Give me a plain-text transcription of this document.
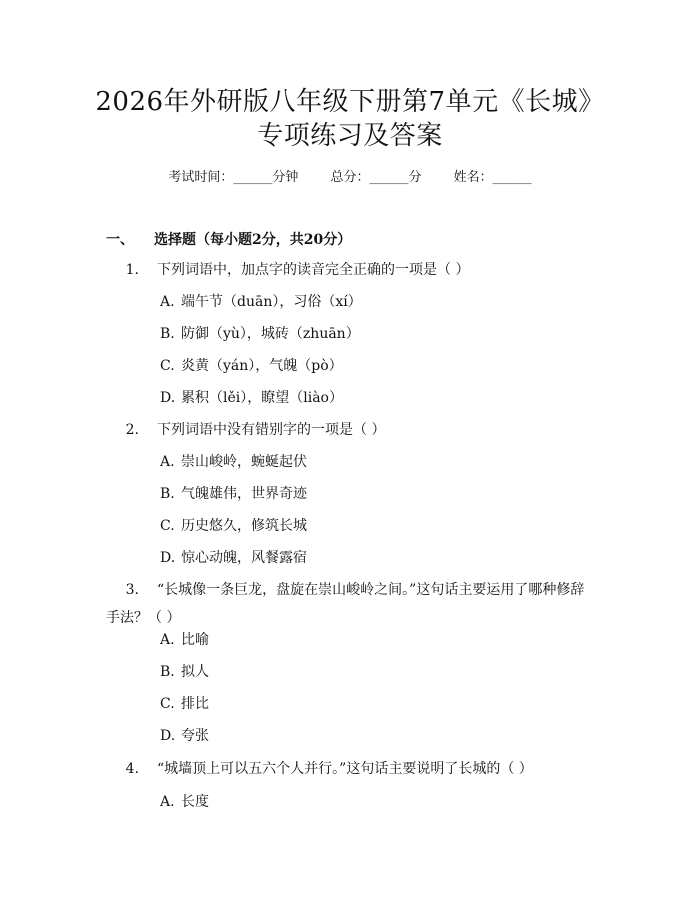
2026年外研版八年级下册第7单元《长城》
专项练习及答案
考试时间：______分钟 总分：______分 姓名：______
一、 选择题（每小题2分，共20分）
1. 下列词语中，加点字的读音完全正确的一项是（ ）
A. 端午节（duān），习俗（xí）
B. 防御（yù），城砖（zhuān）
C. 炎黄（yán），气魄（pò）
D. 累积（lěi），瞭望（liào）
2. 下列词语中没有错别字的一项是（ ）
A. 崇山峻岭，蜿蜒起伏
B. 气魄雄伟，世界奇迹
C. 历史悠久，修筑长城
D. 惊心动魄，风餐露宿
3. “长城像一条巨龙，盘旋在崇山峻岭之间。”这句话主要运用了哪种修辞
手法？（ ）
A. 比喻
B. 拟人
C. 排比
D. 夸张
4. “城墙顶上可以五六个人并行。”这句话主要说明了长城的（ ）
A. 长度
